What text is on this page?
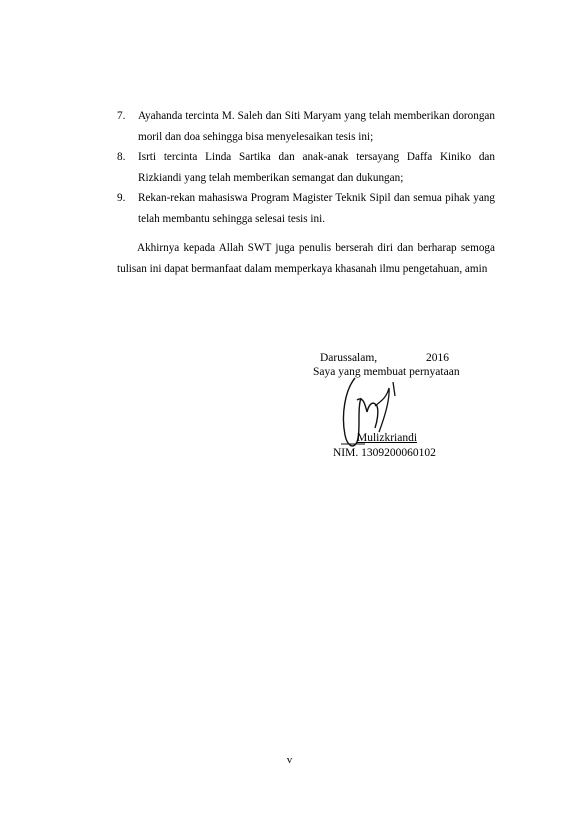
7. Ayahanda tercinta M. Saleh dan Siti Maryam yang telah memberikan dorongan moril dan doa sehingga bisa menyelesaikan tesis ini;
8. Isrti tercinta Linda Sartika dan anak-anak tersayang Daffa Kiniko dan Rizkiandi yang telah memberikan semangat dan dukungan;
9. Rekan-rekan mahasiswa Program Magister Teknik Sipil dan semua pihak yang telah membantu sehingga selesai tesis ini.

Akhirnya kepada Allah SWT juga penulis berserah diri dan berharap semoga tulisan ini dapat bermanfaat dalam memperkaya khasanah ilmu pengetahuan, amin

Darussalam,	2016
Saya yang membuat pernyataan
Mulizkriandi
NIM. 1309200060102
v
